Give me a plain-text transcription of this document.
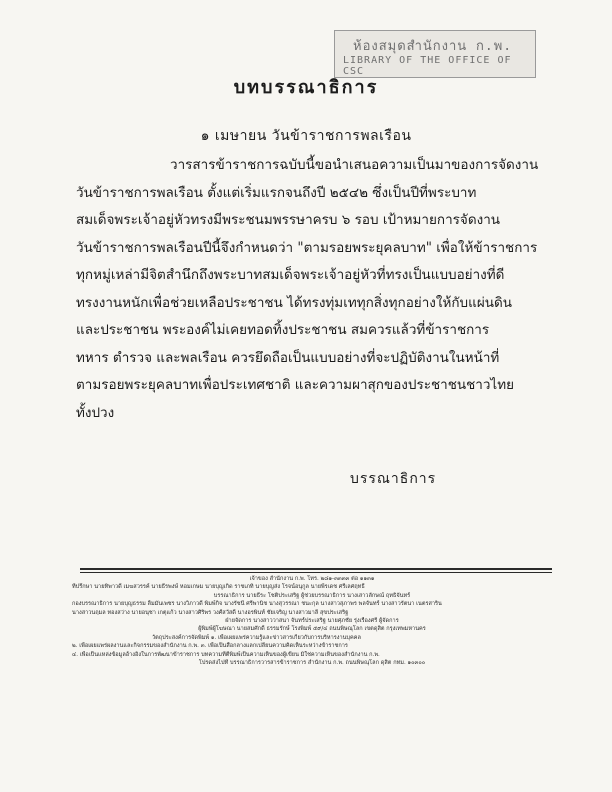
ห้องสมุดสำนักงาน ก.พ.
LIBRARY OF THE OFFICE OF CSC
บทบรรณาธิการ
๑ เมษายน วันข้าราชการพลเรือน
วารสารข้าราชการฉบับนี้ขอนำเสนอความเป็นมาของการจัดงาน
วันข้าราชการพลเรือน ตั้งแต่เริ่มแรกจนถึงปี ๒๕๔๒ ซึ่งเป็นปีที่พระบาท
สมเด็จพระเจ้าอยู่หัวทรงมีพระชนมพรรษาครบ ๖ รอบ เป้าหมายการจัดงาน
วันข้าราชการพลเรือนปีนี้จึงกำหนดว่า "ตามรอยพระยุคลบาท" เพื่อให้ข้าราชการ
ทุกหมู่เหล่ามีจิตสำนึกถึงพระบาทสมเด็จพระเจ้าอยู่หัวที่ทรงเป็นแบบอย่างที่ดี
ทรงงานหนักเพื่อช่วยเหลือประชาชน ได้ทรงทุ่มเททุกสิ่งทุกอย่างให้กับแผ่นดิน
และประชาชน พระองค์ไม่เคยทอดทิ้งประชาชน สมควรแล้วที่ข้าราชการ
ทหาร ตำรวจ และพลเรือน ควรยึดถือเป็นแบบอย่างที่จะปฏิบัติงานในหน้าที่
ตามรอยพระยุคลบาทเพื่อประเทศชาติ และความผาสุกของประชาชนชาวไทย
ทั้งปวง
บรรณาธิการ
เจ้าของ สำนักงาน ก.พ. โทร. ๒๘๑-๓๓๓๓ ต่อ ๑๑๓๑
ที่ปรึกษา นายทิพาวดี เมฆสวรรค์ นายธีรพงษ์ หอมเกษม นายบุญเกิด ราชเภทิ นายบุญส่ง โรจน์อนุกูล นายพีรเดช ศรีเลศฤทธิ์
บรรณาธิการ นายธีระ โชติประเสริฐ ผู้ช่วยบรรณาธิการ นางเสาวลักษณ์ ฤทธิจันทร์
กองบรรณาธิการ นายบุญธรรม ลิ้มมั่นเพชร นางวิภาวดี พิมพ์กิจ นางรัชนี ศรีพานิช นางสุวรรณา ชนะกุล นางสาวสุภาพร พลจันทร์ นางสาวรัตนา เนตรสาริน
นางสาวนฤมล ทองสว่าง นายอนุชา เกตุแก้ว นางสาวศิริพร วงศ์สวัสดิ์ นางอรพินท์ ชัยเจริญ นางสาวมาลี สุขประเสริฐ
ฝ่ายจัดการ นางสาววาสนา จันทร์ประเสริฐ นายศุภชัย รุ่งเรืองศรี ผู้จัดการ
ผู้พิมพ์ผู้โฆษณา นายสมศักดิ์ ธรรมรักษ์ โรงพิมพ์ ๕๙/๔ ถนนพิษณุโลก เขตดุสิต กรุงเทพมหานคร
วัตถุประสงค์การจัดพิมพ์ ๑. เพื่อเผยแพร่ความรู้และข่าวสารเกี่ยวกับการบริหารงานบุคคล
๒. เพื่อเผยแพร่ผลงานและกิจกรรมของสำนักงาน ก.พ. ๓. เพื่อเป็นสื่อกลางแลกเปลี่ยนความคิดเห็นระหว่างข้าราชการ
๔. เพื่อเป็นแหล่งข้อมูลอ้างอิงในการพัฒนาข้าราชการ บทความที่ตีพิมพ์เป็นความเห็นของผู้เขียน มิใช่ความเห็นของสำนักงาน ก.พ.
โปรดส่งไปที่ บรรณาธิการวารสารข้าราชการ สำนักงาน ก.พ. ถนนพิษณุโลก ดุสิต กทม. ๑๐๓๐๐
